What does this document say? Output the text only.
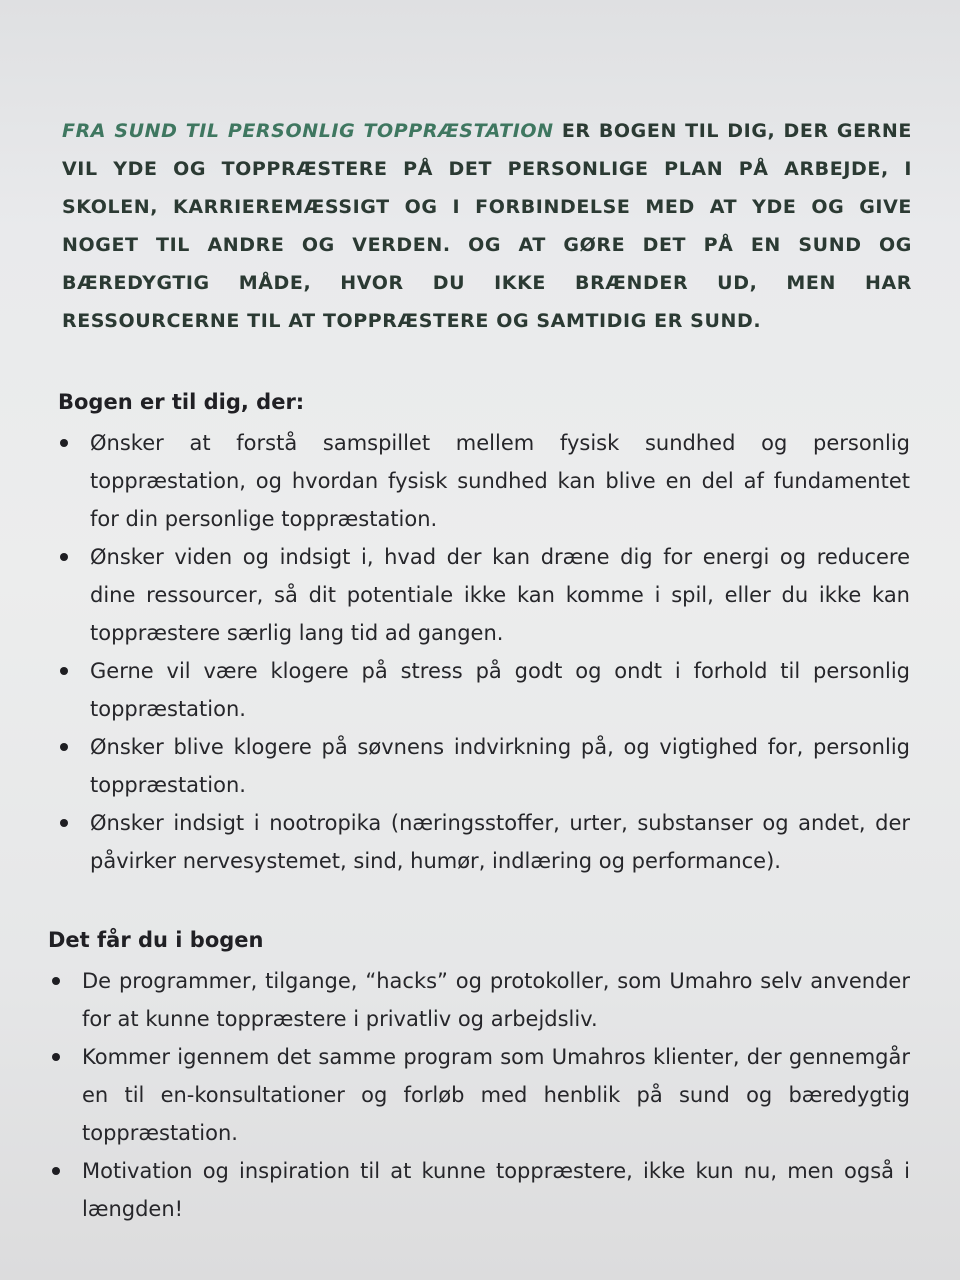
FRA SUND TIL PERSONLIG TOPPRÆSTATION ER BOGEN TIL DIG, DER GERNE VIL YDE OG TOPPRÆSTERE PÅ DET PERSONLIGE PLAN PÅ ARBEJDE, I SKOLEN, KARRIEREMÆSSIGT OG I FORBINDELSE MED AT YDE OG GIVE NOGET TIL ANDRE OG VERDEN. OG AT GØRE DET PÅ EN SUND OG BÆREDYGTIG MÅDE, HVOR DU IKKE BRÆNDER UD, MEN HAR RESSOURCERNE TIL AT TOPPRÆSTERE OG SAMTIDIG ER SUND.

Bogen er til dig, der:
Ønsker at forstå samspillet mellem fysisk sundhed og personlig toppræstation, og hvordan fysisk sundhed kan blive en del af fundamentet for din personlige toppræstation.
Ønsker viden og indsigt i, hvad der kan dræne dig for energi og reducere dine ressourcer, så dit potentiale ikke kan komme i spil, eller du ikke kan toppræstere særlig lang tid ad gangen.
Gerne vil være klogere på stress på godt og ondt i forhold til personlig toppræstation.
Ønsker blive klogere på søvnens indvirkning på, og vigtighed for, personlig toppræstation.
Ønsker indsigt i nootropika (næringsstoffer, urter, substanser og andet, der påvirker nervesystemet, sind, humør, indlæring og performance).
Det får du i bogen
De programmer, tilgange, “hacks” og protokoller, som Umahro selv anvender for at kunne toppræstere i privatliv og arbejdsliv.
Kommer igennem det samme program som Umahros klienter, der gennemgår en til en-konsultationer og forløb med henblik på sund og bæredygtig toppræstation.
Motivation og inspiration til at kunne toppræstere, ikke kun nu, men også i længden!
